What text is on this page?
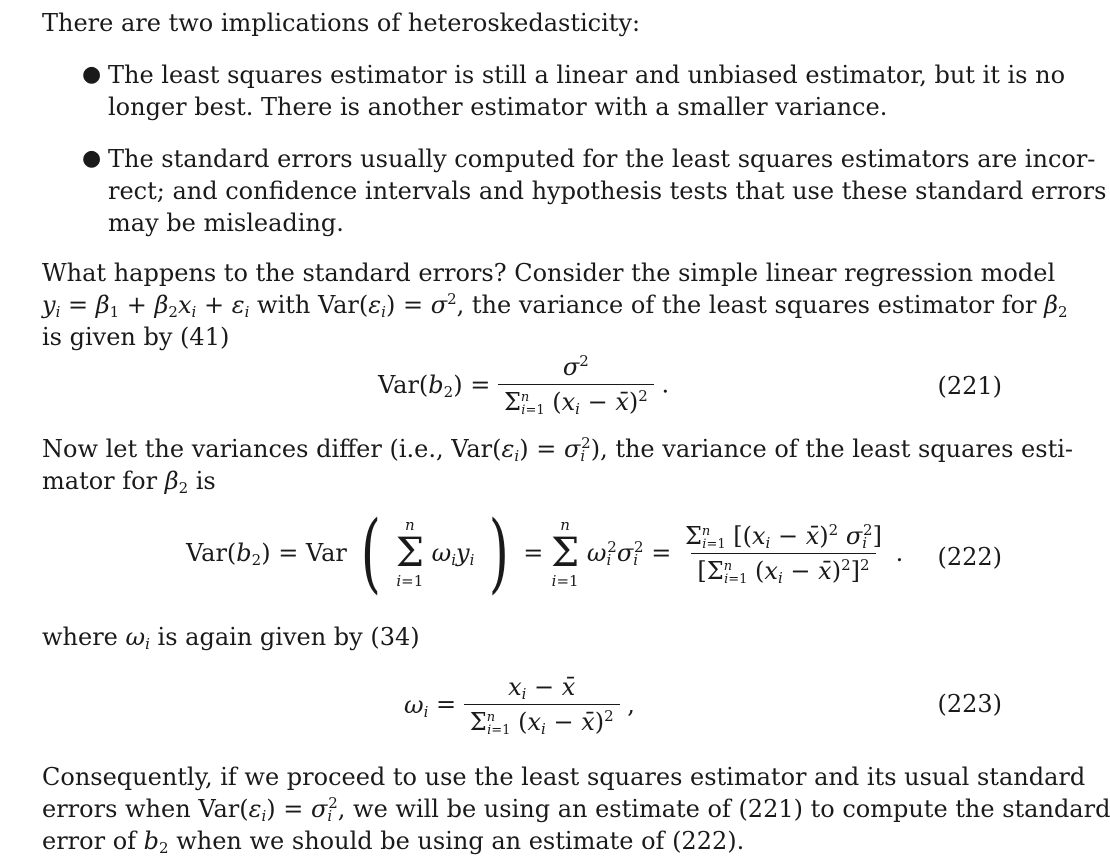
There are two implications of heteroskedasticity:
● The least squares estimator is still a linear and unbiased estimator, but it is no
longer best. There is another estimator with a smaller variance.
● The standard errors usually computed for the least squares estimators are incor-
rect; and confidence intervals and hypothesis tests that use these standard errors
may be misleading.
What happens to the standard errors? Consider the simple linear regression model
$y_i = \beta_1 + \beta_2x_i + \varepsilon_i$ with $Var(\varepsilon_i) = \sigma^2$, the variance of the least squares estimator for $\beta_2$
is given by (41)
$Var(b_2) = \frac{\sigma^2}{\Sigma^n_{i=1} (x_i - x̄)^2}$ .	(221)
Now let the variances differ (i.e., $Var(\varepsilon_i) = \sigma_i^2$), the variance of the least squares esti-
mator for $\beta_2$ is
$Var(b_2)$ = Var ( n
Σ
i=1
$\omega_iy_i$ ) =
n
Σ
i=1
$\omega_i^2\sigma_i^2 = \frac{\Sigma^n_{i=1} [(x_i - x̄)^2 \sigma_i^2]}{[\Sigma^n_{i=1} (x_i - x̄)^2]^2}$ . (222)
where $\omega_i$ is again given by (34)
$\omega_i = \frac{x_i - x̄}{\Sigma^n_{i=1} (x_i - x̄)^2}$ ,	(223)
Consequently, if we proceed to use the least squares estimator and its usual standard
errors when $Var(\varepsilon_i) = \sigma_i^2$, we will be using an estimate of (221) to compute the standard
error of $b_2$ when we should be using an estimate of (222).
